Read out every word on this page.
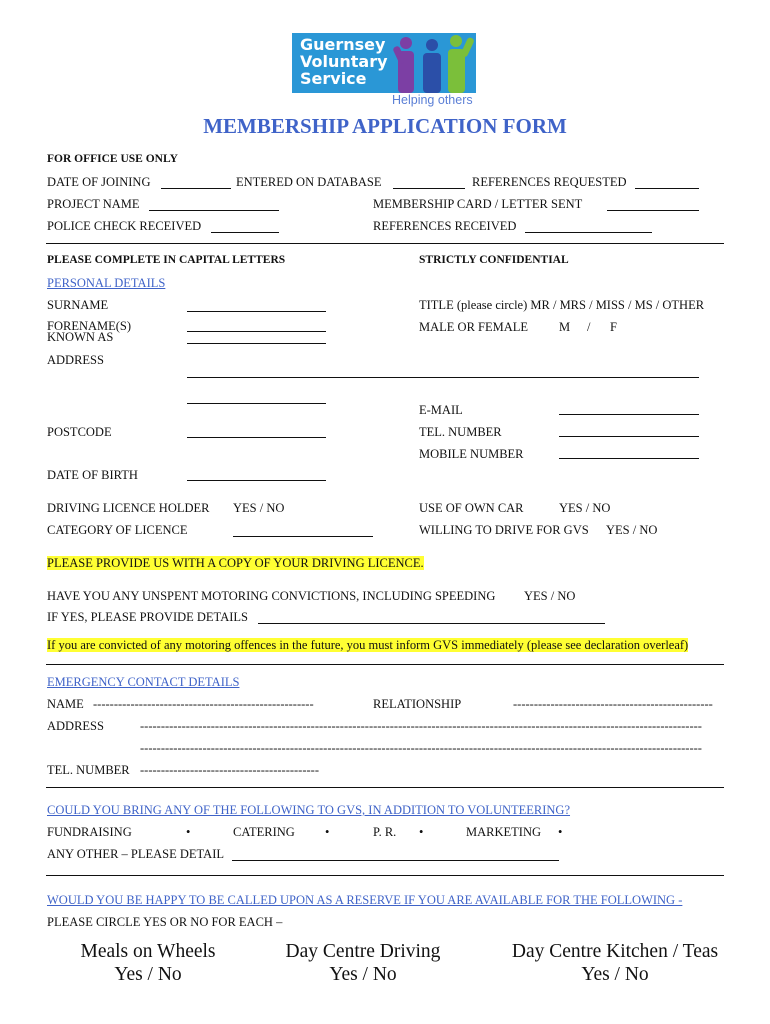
Guernsey
Voluntary
Service
Helping others
MEMBERSHIP APPLICATION FORM
FOR OFFICE USE ONLY
DATE OF JOINING	ENTERED ON DATABASE	REFERENCES REQUESTED
PROJECT NAME	MEMBERSHIP CARD / LETTER SENT
POLICE CHECK RECEIVED	REFERENCES RECEIVED
PLEASE COMPLETE IN CAPITAL LETTERS	STRICTLY CONFIDENTIAL
PERSONAL DETAILS
SURNAME	TITLE (please circle) MR / MRS / MISS / MS / OTHER
FORENAME(S)
KNOWN AS
MALE OR FEMALE M / F
ADDRESS
E-MAIL
POSTCODE	TEL. NUMBER
MOBILE NUMBER
DATE OF BIRTH
DRIVING LICENCE HOLDER YES / NO	USE OF OWN CAR	YES / NO
CATEGORY OF LICENCE	WILLING TO DRIVE FOR GVS YES / NO
PLEASE PROVIDE US WITH A COPY OF YOUR DRIVING LICENCE.
HAVE YOU ANY UNSPENT MOTORING CONVICTIONS, INCLUDING SPEEDING YES / NO
IF YES, PLEASE PROVIDE DETAILS
If you are convicted of any motoring offences in the future, you must inform GVS immediately (please see declaration overleaf)
EMERGENCY CONTACT DETAILS
NAME -----------------------------------------------------	RELATIONSHIP	------------------------------------------------
ADDRESS	---------------------------------------------------------------------------------------------------------------------------------------
---------------------------------------------------------------------------------------------------------------------------------------
TEL. NUMBER -------------------------------------------
COULD YOU BRING ANY OF THE FOLLOWING TO GVS, IN ADDITION TO VOLUNTEERING?
FUNDRAISING	•	CATERING •	P. R. •	MARKETING •
ANY OTHER – PLEASE DETAIL
WOULD YOU BE HAPPY TO BE CALLED UPON AS A RESERVE IF YOU ARE AVAILABLE FOR THE FOLLOWING -
PLEASE CIRCLE YES OR NO FOR EACH –
Meals on Wheels
Yes / No
Day Centre Driving
Yes / No
Day Centre Kitchen / Teas
Yes / No
